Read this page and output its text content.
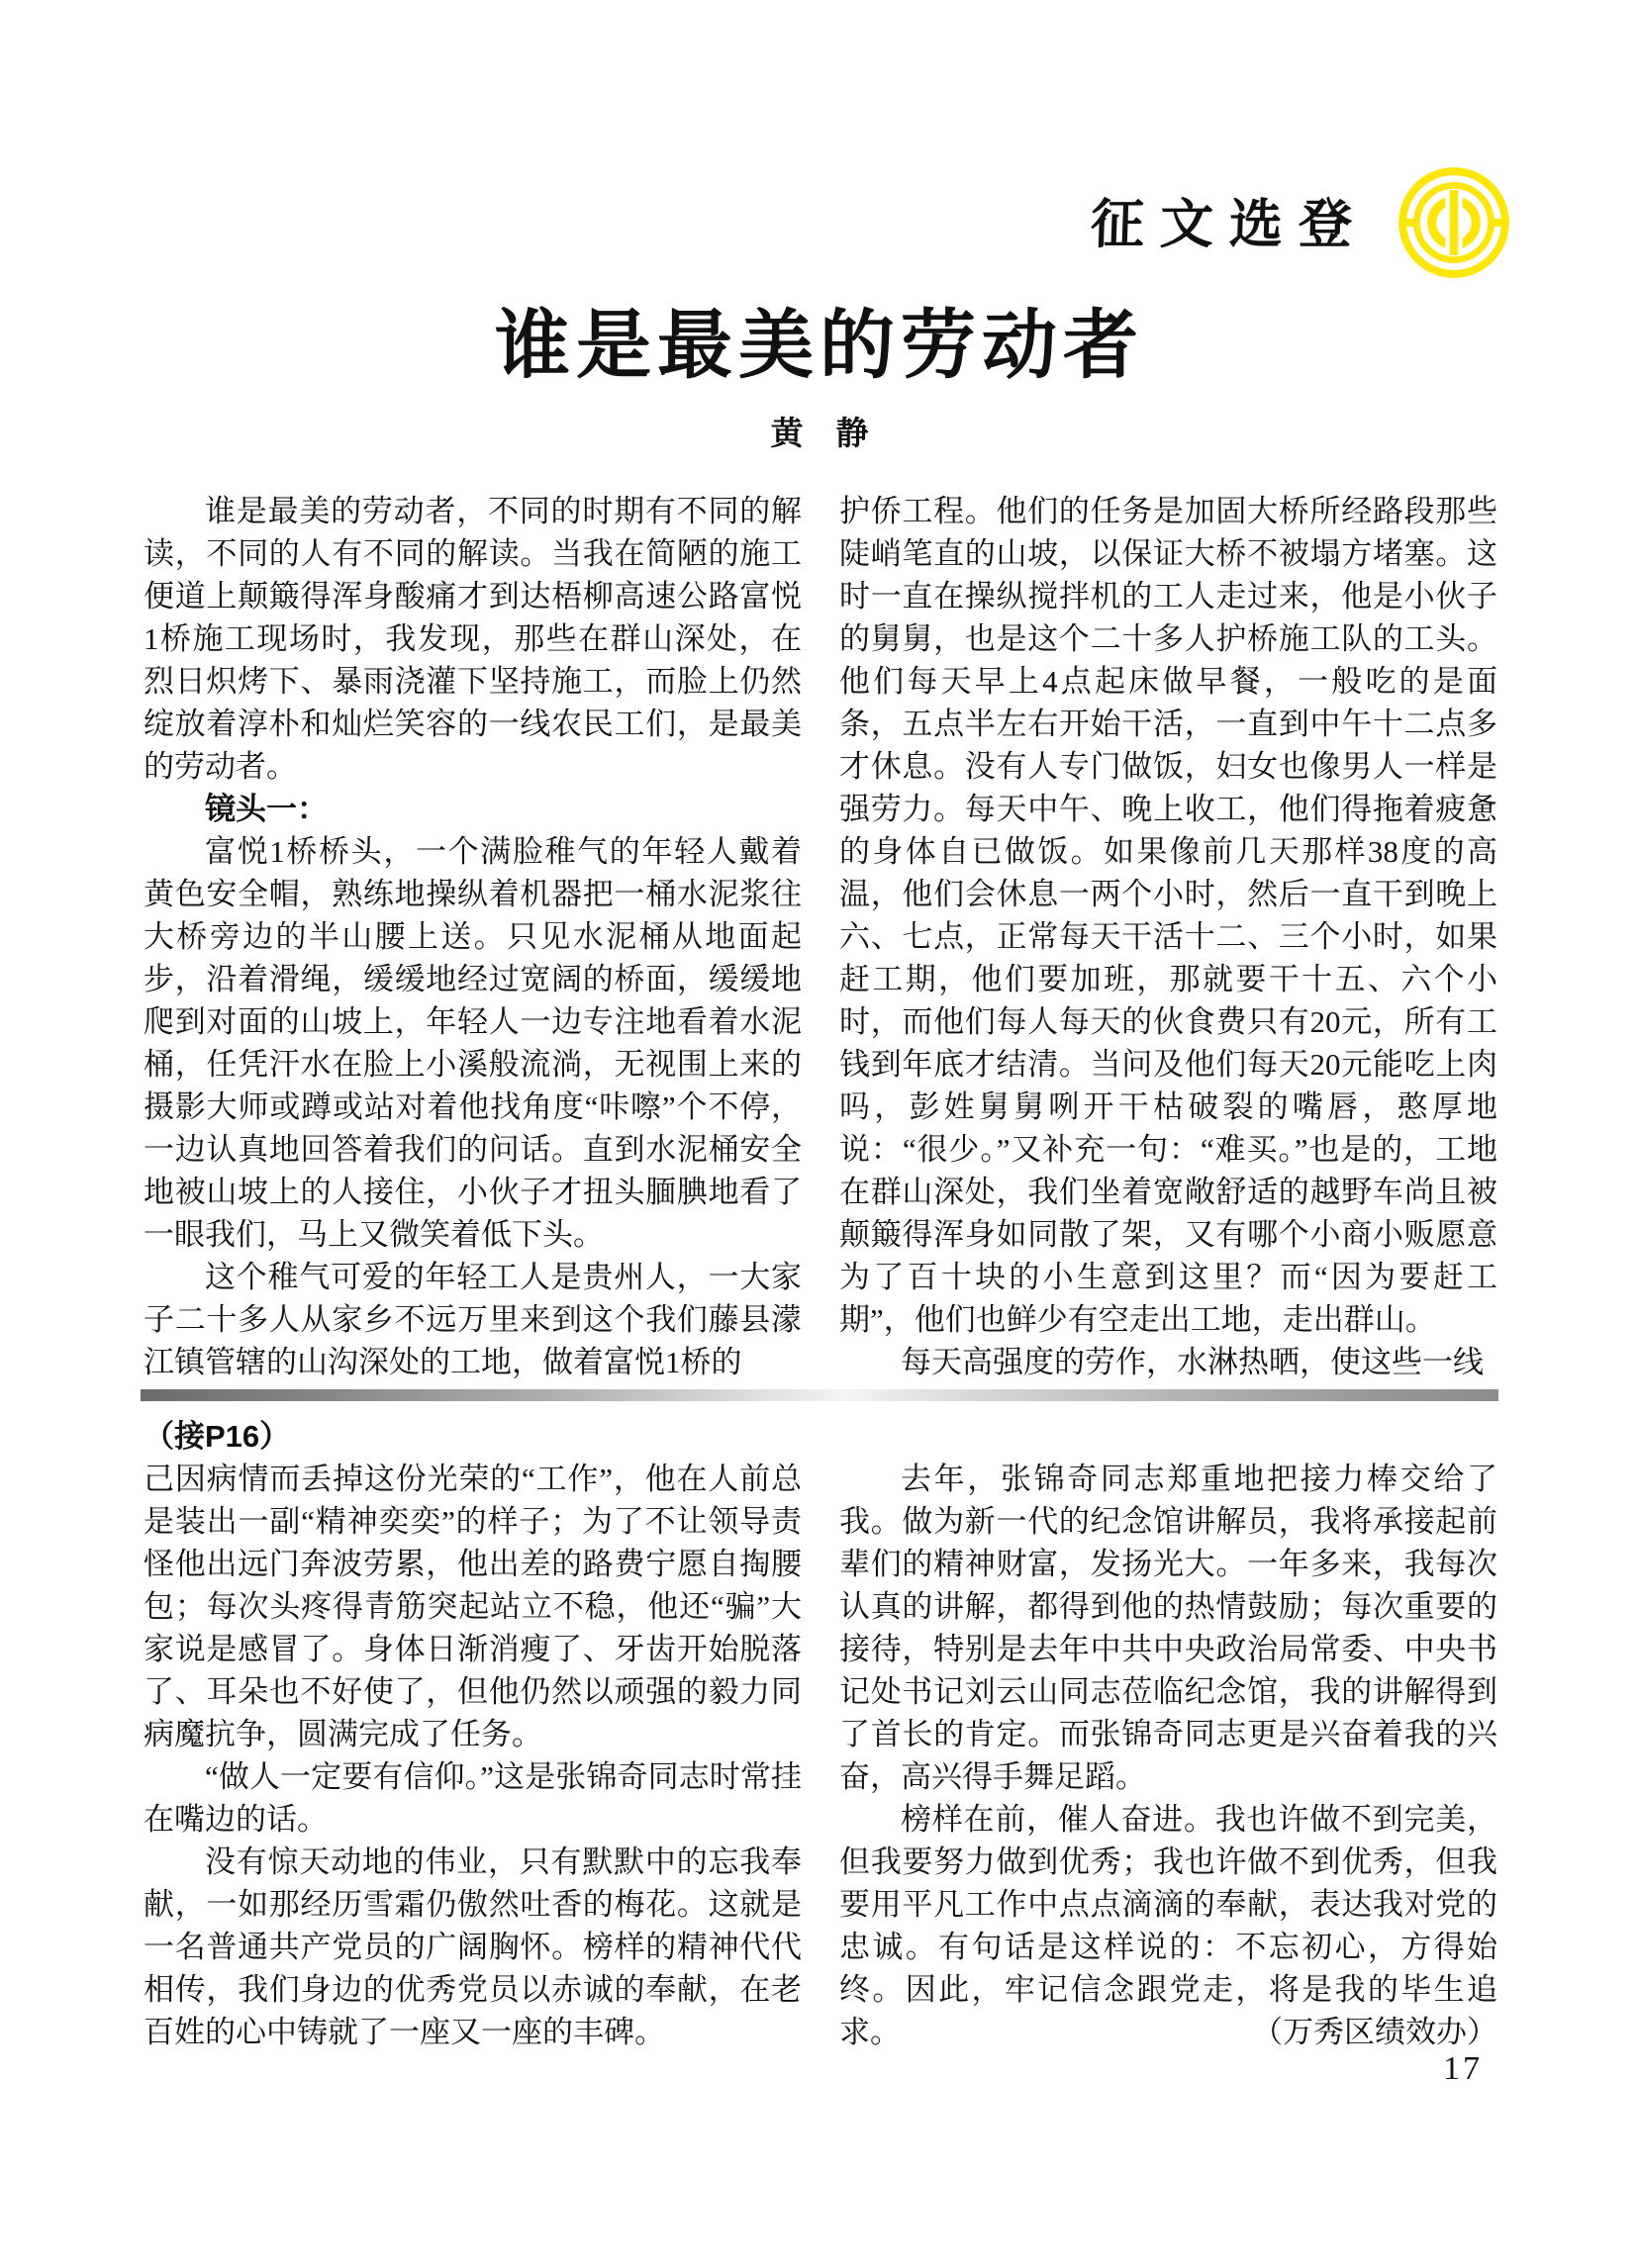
征文选登
谁是最美的劳动者
黄　静

谁是最美的劳动者，不同的时期有不同的解读，不同的人有不同的解读。当我在简陋的施工便道上颠簸得浑身酸痛才到达梧柳高速公路富悦1桥施工现场时，我发现，那些在群山深处，在烈日炽烤下、暴雨浇灌下坚持施工，而脸上仍然绽放着淳朴和灿烂笑容的一线农民工们，是最美的劳动者。

镜头一：

富悦1桥桥头，一个满脸稚气的年轻人戴着黄色安全帽，熟练地操纵着机器把一桶水泥浆往大桥旁边的半山腰上送。只见水泥桶从地面起步，沿着滑绳，缓缓地经过宽阔的桥面，缓缓地爬到对面的山坡上，年轻人一边专注地看着水泥桶，任凭汗水在脸上小溪般流淌，无视围上来的摄影大师或蹲或站对着他找角度“咔嚓”个不停，一边认真地回答着我们的问话。直到水泥桶安全地被山坡上的人接住，小伙子才扭头腼腆地看了一眼我们，马上又微笑着低下头。

这个稚气可爱的年轻工人是贵州人，一大家子二十多人从家乡不远万里来到这个我们藤县濛江镇管辖的山沟深处的工地，做着富悦1桥的

护侨工程。他们的任务是加固大桥所经路段那些陡峭笔直的山坡，以保证大桥不被塌方堵塞。这时一直在操纵搅拌机的工人走过来，他是小伙子的舅舅，也是这个二十多人护桥施工队的工头。他们每天早上4点起床做早餐，一般吃的是面条，五点半左右开始干活，一直到中午十二点多才休息。没有人专门做饭，妇女也像男人一样是强劳力。每天中午、晚上收工，他们得拖着疲惫的身体自已做饭。如果像前几天那样38度的高温，他们会休息一两个小时，然后一直干到晚上六、七点，正常每天干活十二、三个小时，如果赶工期，他们要加班，那就要干十五、六个小时，而他们每人每天的伙食费只有20元，所有工钱到年底才结清。当问及他们每天20元能吃上肉吗，彭姓舅舅咧开干枯破裂的嘴唇，憨厚地说：“很少。”又补充一句：“难买。”也是的，工地在群山深处，我们坐着宽敞舒适的越野车尚且被颠簸得浑身如同散了架，又有哪个小商小贩愿意为了百十块的小生意到这里？而“因为要赶工期”，他们也鲜少有空走出工地，走出群山。

每天高强度的劳作，水淋热晒，使这些一线

（接P16）

己因病情而丢掉这份光荣的“工作”，他在人前总是装出一副“精神奕奕”的样子；为了不让领导责怪他出远门奔波劳累，他出差的路费宁愿自掏腰包；每次头疼得青筋突起站立不稳，他还“骗”大家说是感冒了。身体日渐消瘦了、牙齿开始脱落了、耳朵也不好使了，但他仍然以顽强的毅力同病魔抗争，圆满完成了任务。

“做人一定要有信仰。”这是张锦奇同志时常挂在嘴边的话。

没有惊天动地的伟业，只有默默中的忘我奉献，一如那经历雪霜仍傲然吐香的梅花。这就是一名普通共产党员的广阔胸怀。榜样的精神代代相传，我们身边的优秀党员以赤诚的奉献，在老百姓的心中铸就了一座又一座的丰碑。

去年，张锦奇同志郑重地把接力棒交给了我。做为新一代的纪念馆讲解员，我将承接起前辈们的精神财富，发扬光大。一年多来，我每次认真的讲解，都得到他的热情鼓励；每次重要的接待，特别是去年中共中央政治局常委、中央书记处书记刘云山同志莅临纪念馆，我的讲解得到了首长的肯定。而张锦奇同志更是兴奋着我的兴奋，高兴得手舞足蹈。

榜样在前，催人奋进。我也许做不到完美，但我要努力做到优秀；我也许做不到优秀，但我要用平凡工作中点点滴滴的奉献，表达我对党的忠诚。有句话是这样说的：不忘初心，方得始终。因此，牢记信念跟党走，将是我的毕生追求。	（万秀区绩效办）
17
